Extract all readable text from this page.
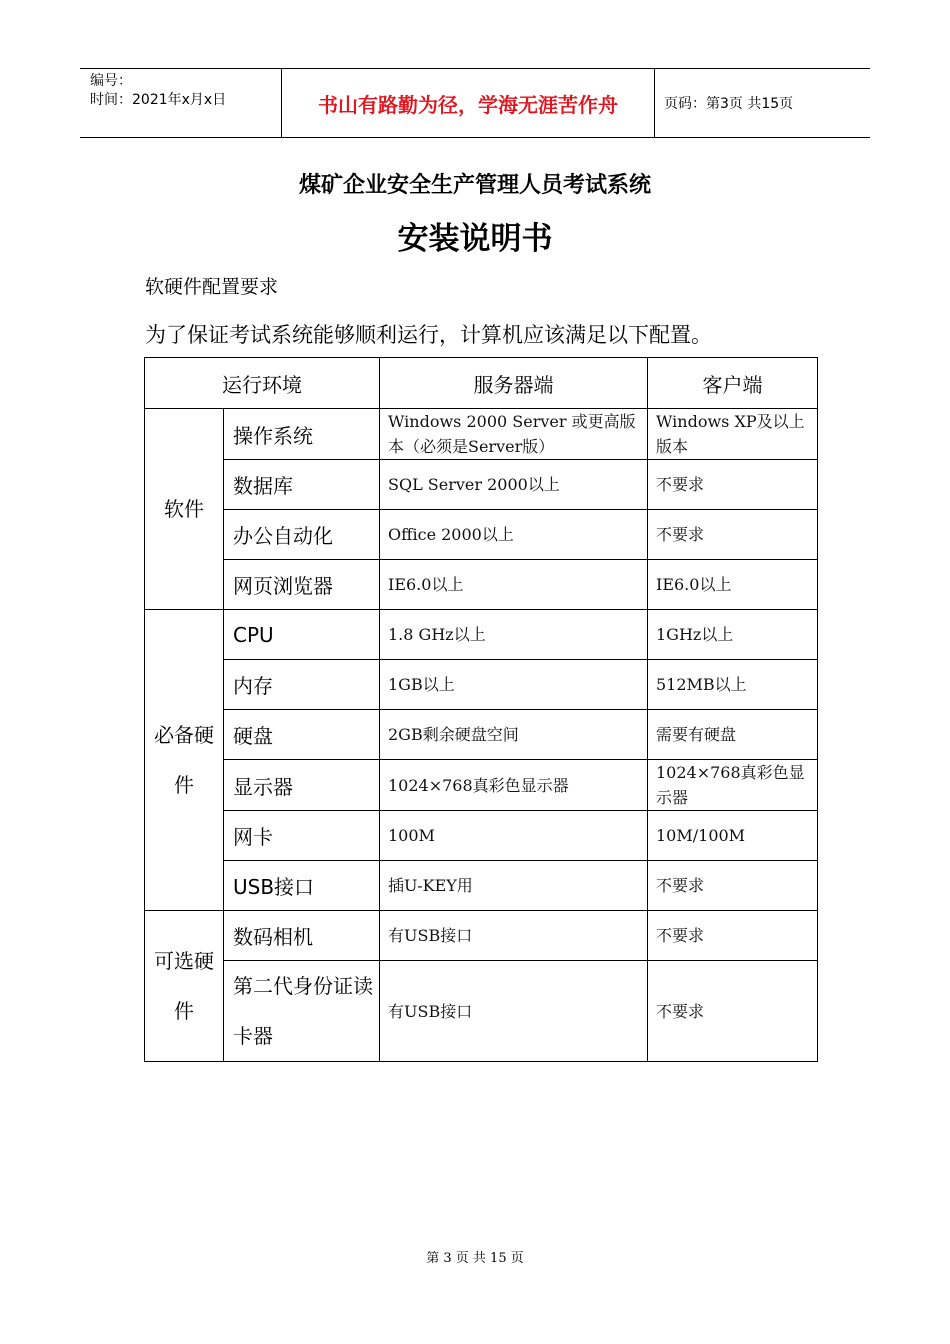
编号：
时间：2021年x月x日	书山有路勤为径，学海无涯苦作舟	页码：第3页 共15页
煤矿企业安全生产管理人员考试系统
安装说明书
软硬件配置要求
为了保证考试系统能够顺利运行，计算机应该满足以下配置。
运行环境		服务器端	客户端
软件	操作系统	Windows 2000 Server 或更高版本（必须是Server版）	Windows XP及以上版本
	数据库	SQL Server 2000以上	不要求
	办公自动化	Office 2000以上	不要求
	网页浏览器	IE6.0以上	IE6.0以上
必备硬件	CPU	1.8 GHz以上	1GHz以上
	内存	1GB以上	512MB以上
	硬盘	2GB剩余硬盘空间	需要有硬盘
	显示器	1024×768真彩色显示器	1024×768真彩色显示器
	网卡	100M	10M/100M
	USB接口	插U-KEY用	不要求
可选硬件	数码相机	有USB接口	不要求
	第二代身份证读卡器	有USB接口	不要求
第 3 页 共 15 页
